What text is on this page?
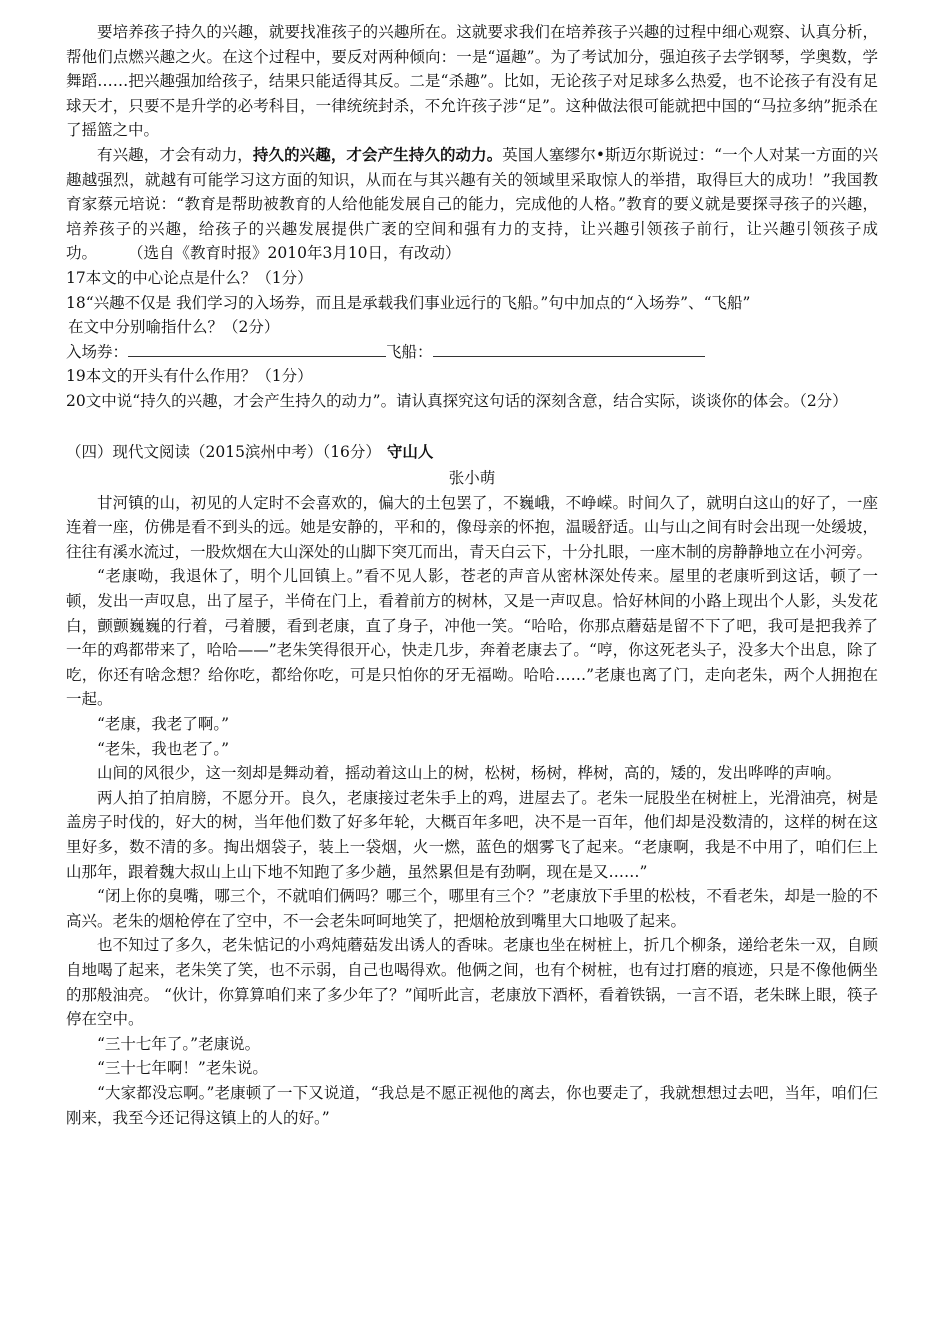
要培养孩子持久的兴趣，就要找准孩子的兴趣所在。这就要求我们在培养孩子兴趣的过程中细心观察、认真分析，帮他们点燃兴趣之火。在这个过程中，要反对两种倾向：一是“逼趣”。为了考试加分，强迫孩子去学钢琴，学奥数，学舞蹈……把兴趣强加给孩子，结果只能适得其反。二是“杀趣”。比如，无论孩子对足球多么热爱，也不论孩子有没有足球天才，只要不是升学的必考科目，一律统统封杀，不允许孩子涉“足”。这种做法很可能就把中国的“马拉多纳”扼杀在了摇篮之中。

有兴趣，才会有动力，持久的兴趣，才会产生持久的动力。英国人塞缪尔•斯迈尔斯说过：“一个人对某一方面的兴趣越强烈，就越有可能学习这方面的知识，从而在与其兴趣有关的领域里采取惊人的举措，取得巨大的成功！”我国教育家蔡元培说：“教育是帮助被教育的人给他能发展自己的能力，完成他的人格。”教育的要义就是要探寻孩子的兴趣，培养孩子的兴趣，给孩子的兴趣发展提供广袤的空间和强有力的支持，让兴趣引领孩子前行，让兴趣引领孩子成功。   （选自《教育时报》2010年3月10日，有改动）

17本文的中心论点是什么？（1分）

18“兴趣不仅是 我们学习的入场券，而且是承载我们事业远行的飞船。”句中加点的“入场券”、“飞船”

在文中分别喻指什么？（2分）

入场券：	飞船：

19本文的开头有什么作用？（1分）

20文中说“持久的兴趣，才会产生持久的动力”。请认真探究这句话的深刻含意，结合实际，谈谈你的体会。（2分）

（四）现代文阅读（2015滨州中考）（16分） 守山人
张小萌

甘河镇的山，初见的人定时不会喜欢的，偏大的土包罢了，不巍峨，不峥嵘。时间久了，就明白这山的好了，一座连着一座，仿佛是看不到头的远。她是安静的，平和的，像母亲的怀抱，温暖舒适。山与山之间有时会出现一处缓坡，往往有溪水流过，一股炊烟在大山深处的山脚下突兀而出，青天白云下，十分扎眼，一座木制的房静静地立在小河旁。

“老康呦，我退休了，明个儿回镇上。”看不见人影，苍老的声音从密林深处传来。屋里的老康听到这话，顿了一顿，发出一声叹息，出了屋子，半倚在门上，看着前方的树林，又是一声叹息。恰好林间的小路上现出个人影，头发花白，颤颤巍巍的行着，弓着腰，看到老康，直了身子，冲他一笑。“哈哈，你那点蘑菇是留不下了吧，我可是把我养了一年的鸡都带来了，哈哈——”老朱笑得很开心，快走几步，奔着老康去了。“哼，你这死老头子，没多大个出息，除了吃，你还有啥念想？给你吃，都给你吃，可是只怕你的牙无福呦。哈哈……”老康也离了门，走向老朱，两个人拥抱在一起。

“老康，我老了啊。”

“老朱，我也老了。”

山间的风很少，这一刻却是舞动着，摇动着这山上的树，松树，杨树，桦树，高的，矮的，发出哗哗的声响。

两人拍了拍肩膀，不愿分开。良久，老康接过老朱手上的鸡，进屋去了。老朱一屁股坐在树桩上，光滑油亮，树是盖房子时伐的，好大的树，当年他们数了好多年轮，大概百年多吧，决不是一百年，他们却是没数清的，这样的树在这里好多，数不清的多。掏出烟袋子，装上一袋烟，火一燃，蓝色的烟雾飞了起来。“老康啊，我是不中用了，咱们仨上山那年，跟着魏大叔山上山下地不知跑了多少趟，虽然累但是有劲啊，现在是又……”

“闭上你的臭嘴，哪三个，不就咱们俩吗？哪三个，哪里有三个？”老康放下手里的松枝，不看老朱，却是一脸的不高兴。老朱的烟枪停在了空中，不一会老朱呵呵地笑了，把烟枪放到嘴里大口地吸了起来。

也不知过了多久，老朱惦记的小鸡炖蘑菇发出诱人的香味。老康也坐在树桩上，折几个柳条，递给老朱一双，自顾自地喝了起来，老朱笑了笑，也不示弱，自己也喝得欢。他俩之间，也有个树桩，也有过打磨的痕迹，只是不像他俩坐的那般油亮。 “伙计，你算算咱们来了多少年了？”闻听此言，老康放下酒杯，看着铁锅，一言不语，老朱眯上眼，筷子停在空中。

“三十七年了。”老康说。

“三十七年啊！”老朱说。

“大家都没忘啊。”老康顿了一下又说道，“我总是不愿正视他的离去，你也要走了，我就想想过去吧，当年，咱们仨刚来，我至今还记得这镇上的人的好。”
